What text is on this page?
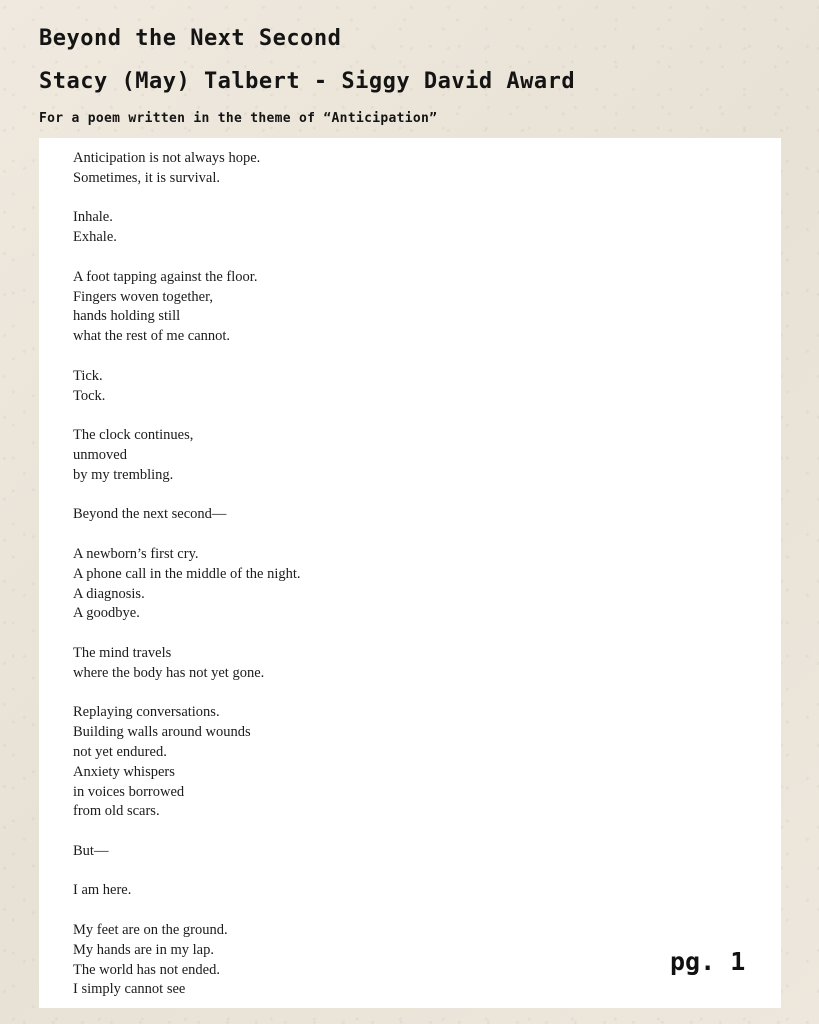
Beyond the Next Second
Stacy (May) Talbert - Siggy David Award

For a poem written in the theme of “Anticipation”

Anticipation is not always hope.
Sometimes, it is survival.

Inhale.
Exhale.

A foot tapping against the floor.
Fingers woven together,
hands holding still
what the rest of me cannot.

Tick.
Tock.

The clock continues,
unmoved
by my trembling.

Beyond the next second—

A newborn’s first cry.
A phone call in the middle of the night.
A diagnosis.
A goodbye.

The mind travels
where the body has not yet gone.

Replaying conversations.
Building walls around wounds
not yet endured.
Anxiety whispers
in voices borrowed
from old scars.

But—

I am here.

My feet are on the ground.
My hands are in my lap.
The world has not ended.
I simply cannot see

pg. 1
